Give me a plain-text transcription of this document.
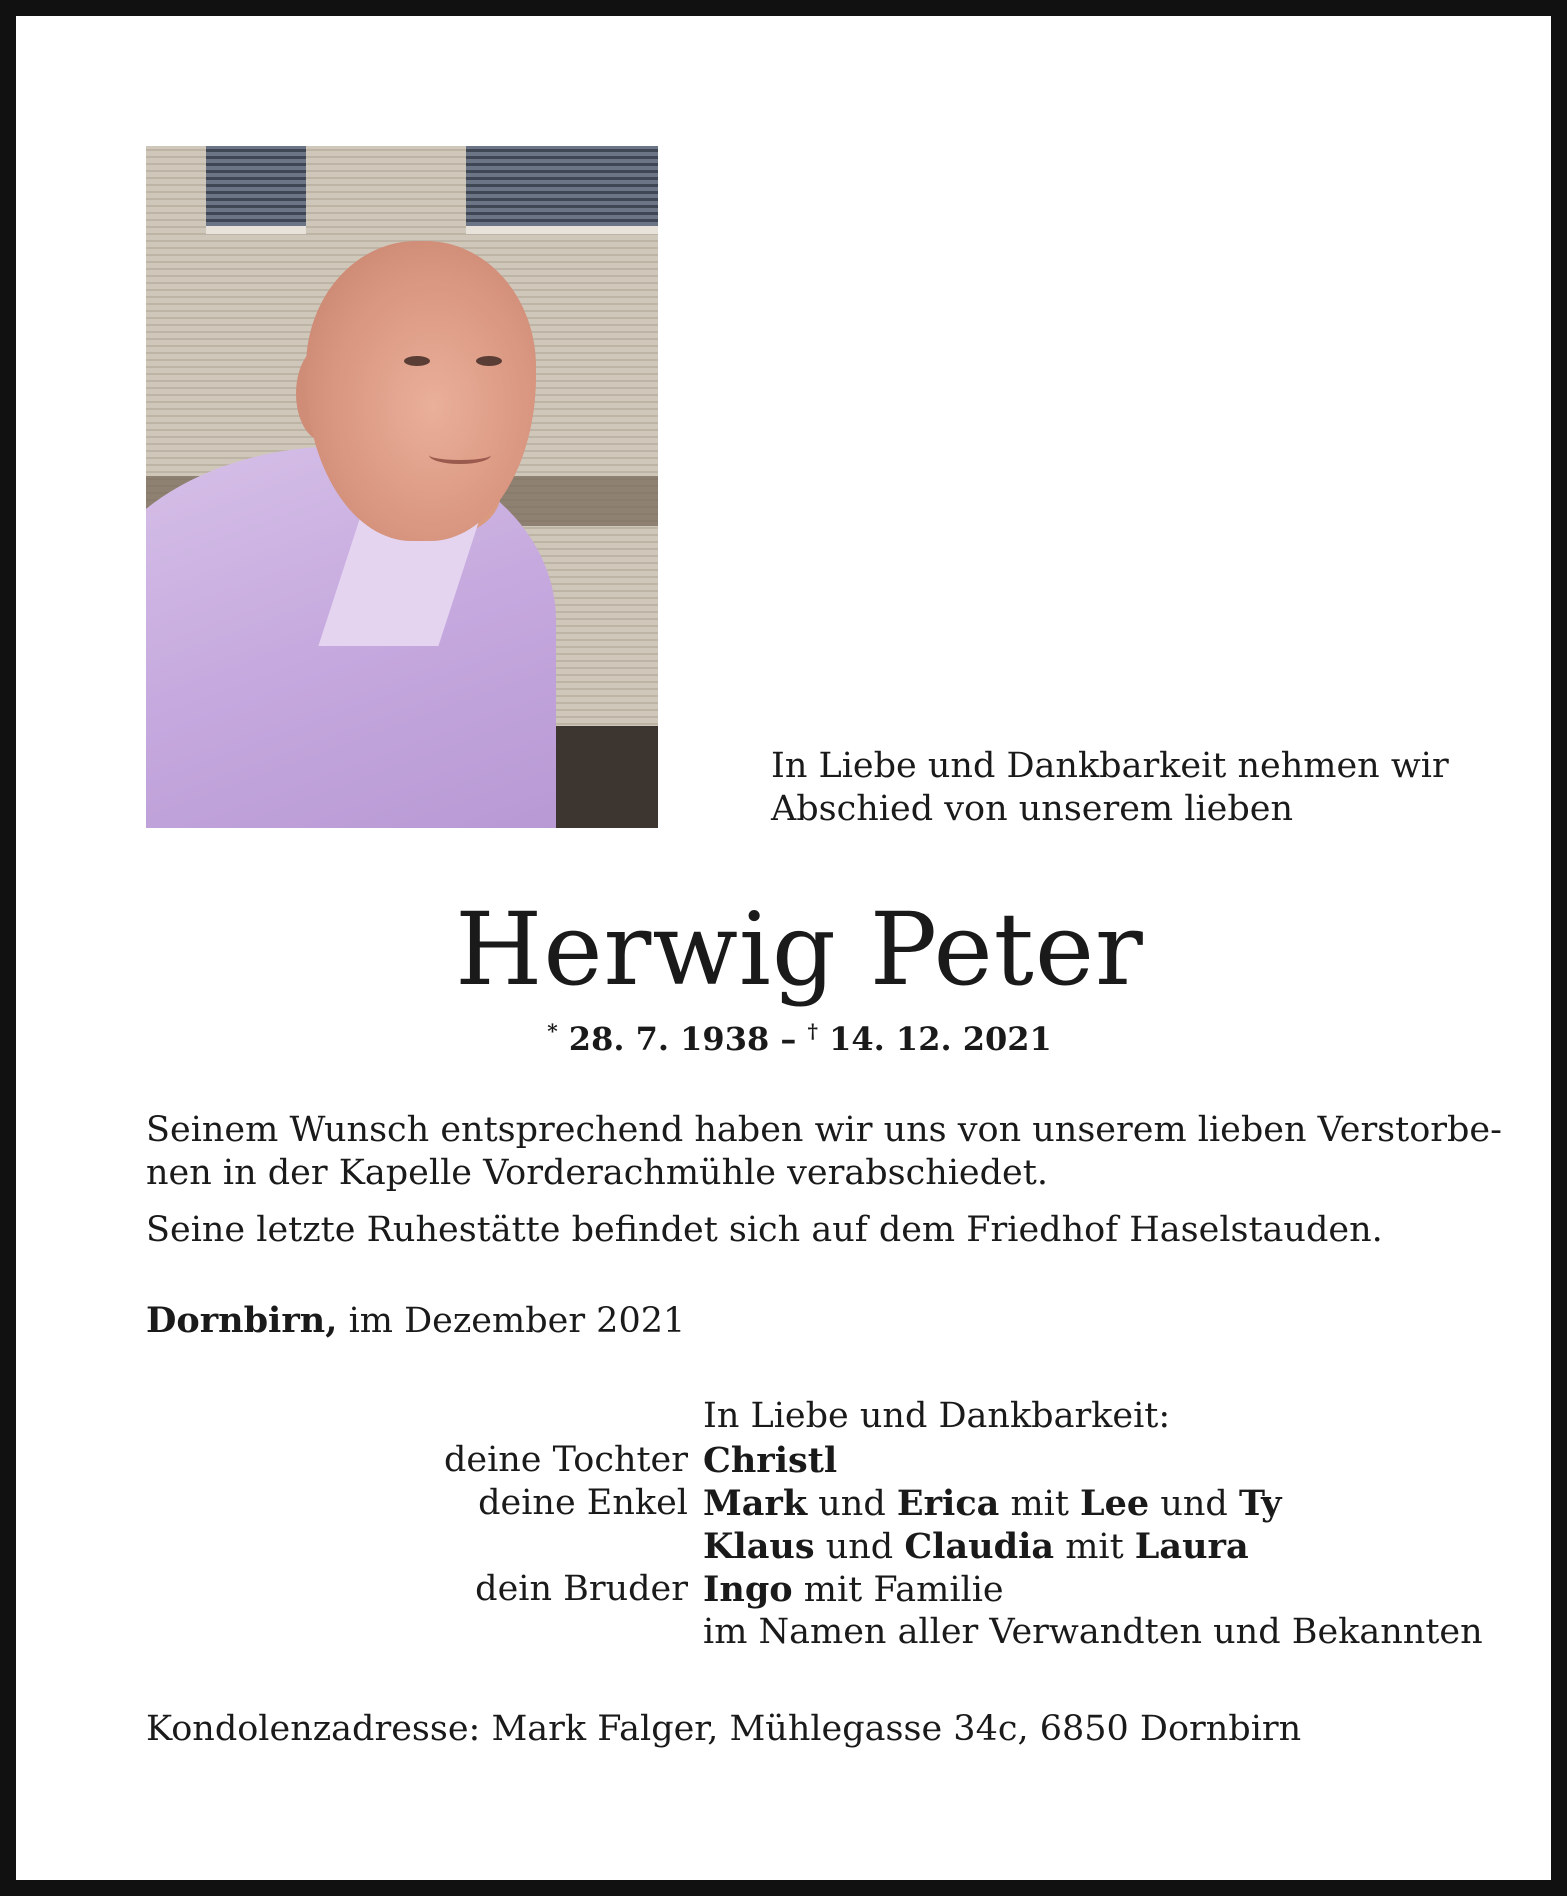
In Liebe und Dankbarkeit nehmen wir
Abschied von unserem lieben
Herwig Peter
* 28. 7. 1938 – † 14. 12. 2021
Seinem Wunsch entsprechend haben wir uns von unserem lieben Verstorbe-
nen in der Kapelle Vorderachmühle verabschiedet.
Seine letzte Ruhestätte befindet sich auf dem Friedhof Haselstauden.
Dornbirn, im Dezember 2021
In Liebe und Dankbarkeit:
deine Tochter Christl
deine Enkel Mark und Erica mit Lee und Ty
Klaus und Claudia mit Laura
dein Bruder Ingo mit Familie
im Namen aller Verwandten und Bekannten
Kondolenzadresse: Mark Falger, Mühlegasse 34c, 6850 Dornbirn
